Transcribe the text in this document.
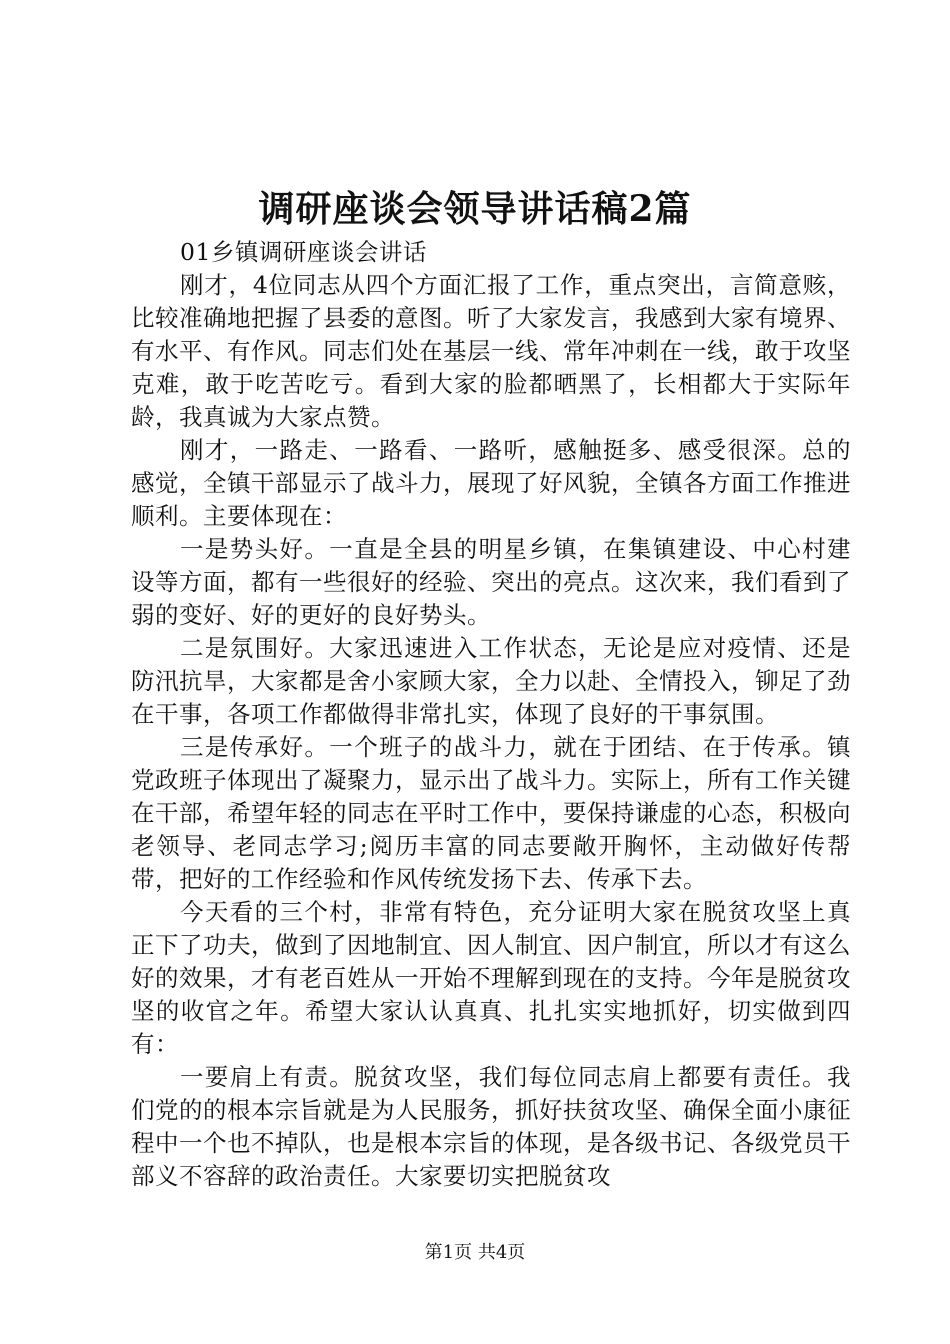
调研座谈会领导讲话稿2篇
01乡镇调研座谈会讲话

刚才，4位同志从四个方面汇报了工作，重点突出，言简意赅，比较准确地把握了县委的意图。听了大家发言，我感到大家有境界、有水平、有作风。同志们处在基层一线、常年冲刺在一线，敢于攻坚克难，敢于吃苦吃亏。看到大家的脸都晒黑了，长相都大于实际年龄，我真诚为大家点赞。

刚才，一路走、一路看、一路听，感触挺多、感受很深。总的感觉，全镇干部显示了战斗力，展现了好风貌，全镇各方面工作推进顺利。主要体现在：

一是势头好。一直是全县的明星乡镇，在集镇建设、中心村建设等方面，都有一些很好的经验、突出的亮点。这次来，我们看到了弱的变好、好的更好的良好势头。

二是氛围好。大家迅速进入工作状态，无论是应对疫情、还是防汛抗旱，大家都是舍小家顾大家，全力以赴、全情投入，铆足了劲在干事，各项工作都做得非常扎实，体现了良好的干事氛围。

三是传承好。一个班子的战斗力，就在于团结、在于传承。镇党政班子体现出了凝聚力，显示出了战斗力。实际上，所有工作关键在干部，希望年轻的同志在平时工作中，要保持谦虚的心态，积极向老领导、老同志学习;阅历丰富的同志要敞开胸怀，主动做好传帮带，把好的工作经验和作风传统发扬下去、传承下去。

今天看的三个村，非常有特色，充分证明大家在脱贫攻坚上真正下了功夫，做到了因地制宜、因人制宜、因户制宜，所以才有这么好的效果，才有老百姓从一开始不理解到现在的支持。今年是脱贫攻坚的收官之年。希望大家认认真真、扎扎实实地抓好，切实做到四有：

一要肩上有责。脱贫攻坚，我们每位同志肩上都要有责任。我们党的的根本宗旨就是为人民服务，抓好扶贫攻坚、确保全面小康征程中一个也不掉队，也是根本宗旨的体现，是各级书记、各级党员干部义不容辞的政治责任。大家要切实把脱贫攻

第1页 共4页
